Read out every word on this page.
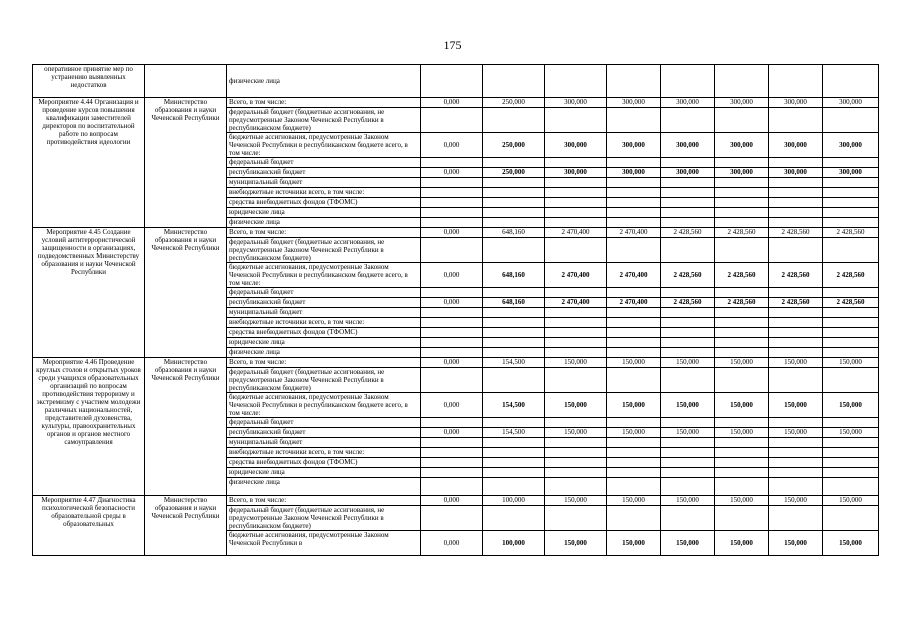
175
оперативное принятие мер по устранению выявленных недостатков		физические лица								
Мероприятие 4.44 Организация и проведение курсов повышения квалификации заместителей директоров по воспитательной работе по вопросам противодействия идеологии	Министерство образования и науки Чеченской Республики	Всего, в том числе:	0,000	250,000	300,000	300,000	300,000	300,000	300,000	300,000
		федеральный бюджет (бюджетные ассигнования, не предусмотренные Законом Чеченской Республики в республиканском бюджете)								
		бюджетные ассигнования, предусмотренные Законом Чеченской Республики в республиканском бюджете всего, в том числе:	0,000	250,000	300,000	300,000	300,000	300,000	300,000	300,000
		федеральный бюджет								
		республиканский бюджет	0,000	250,000	300,000	300,000	300,000	300,000	300,000	300,000
		муниципальный бюджет								
		внебюджетные источники всего, в том числе:								
		средства внебюджетных фондов (ТФОМС)								
		юридические лица								
		физические лица								
Мероприятие 4.45 Создание условий антитеррористической защищенности в организациях, подведомственных Министерству образования и науки Чеченской Республики	Министерство образования и науки Чеченской Республики	Всего, в том числе:	0,000	648,160	2 470,400	2 470,400	2 428,560	2 428,560	2 428,560	2 428,560
		федеральный бюджет (бюджетные ассигнования, не предусмотренные Законом Чеченской Республики в республиканском бюджете)								
		бюджетные ассигнования, предусмотренные Законом Чеченской Республики в республиканском бюджете всего, в том числе:	0,000	648,160	2 470,400	2 470,400	2 428,560	2 428,560	2 428,560	2 428,560
		федеральный бюджет								
		республиканский бюджет	0,000	648,160	2 470,400	2 470,400	2 428,560	2 428,560	2 428,560	2 428,560
		муниципальный бюджет								
		внебюджетные источники всего, в том числе:								
		средства внебюджетных фондов (ТФОМС)								
		юридические лица								
		физические лица								
Мероприятие 4.46 Проведение круглых столов и открытых уроков среди учащихся образовательных организаций по вопросам противодействия терроризму и экстремизму с участием молодежи различных национальностей, представителей духовенства, культуры, правоохранительных органов и органов местного самоуправления	Министерство образования и науки Чеченской Республики	Всего, в том числе:	0,000	154,500	150,000	150,000	150,000	150,000	150,000	150,000
		федеральный бюджет (бюджетные ассигнования, не предусмотренные Законом Чеченской Республики в республиканском бюджете)								
		бюджетные ассигнования, предусмотренные Законом Чеченской Республики в республиканском бюджете всего, в том числе:	0,000	154,500	150,000	150,000	150,000	150,000	150,000	150,000
		федеральный бюджет								
		республиканский бюджет	0,000	154,500	150,000	150,000	150,000	150,000	150,000	150,000
		муниципальный бюджет								
		внебюджетные источники всего, в том числе:								
		средства внебюджетных фондов (ТФОМС)								
		юридические лица								
		физические лица								
Мероприятие 4.47 Диагностика психологической безопасности образовательной среды в образовательных	Министерство образования и науки Чеченской Республики	Всего, в том числе:	0,000	100,000	150,000	150,000	150,000	150,000	150,000	150,000
		федеральный бюджет (бюджетные ассигнования, не предусмотренные Законом Чеченской Республики в республиканском бюджете)								
		бюджетные ассигнования, предусмотренные Законом Чеченской Республики в	0,000	100,000	150,000	150,000	150,000	150,000	150,000	150,000
